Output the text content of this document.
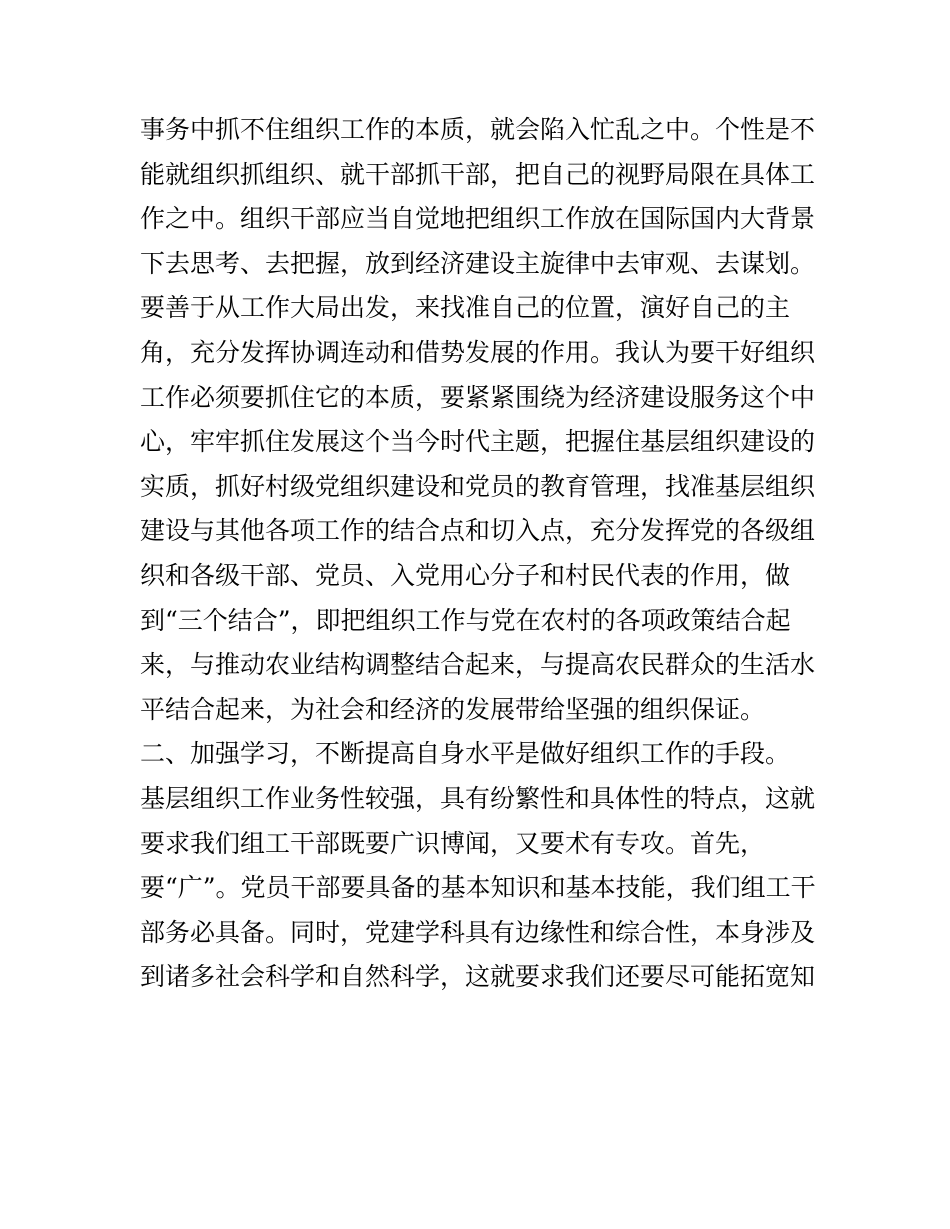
事务中抓不住组织工作的本质，就会陷入忙乱之中。个性是不
能就组织抓组织、就干部抓干部，把自己的视野局限在具体工
作之中。组织干部应当自觉地把组织工作放在国际国内大背景
下去思考、去把握，放到经济建设主旋律中去审观、去谋划。
要善于从工作大局出发，来找准自己的位置，演好自己的主
角，充分发挥协调连动和借势发展的作用。我认为要干好组织
工作必须要抓住它的本质，要紧紧围绕为经济建设服务这个中
心，牢牢抓住发展这个当今时代主题，把握住基层组织建设的
实质，抓好村级党组织建设和党员的教育管理，找准基层组织
建设与其他各项工作的结合点和切入点，充分发挥党的各级组
织和各级干部、党员、入党用心分子和村民代表的作用，做
到“三个结合”，即把组织工作与党在农村的各项政策结合起
来，与推动农业结构调整结合起来，与提高农民群众的生活水
平结合起来，为社会和经济的发展带给坚强的组织保证。
二、加强学习，不断提高自身水平是做好组织工作的手段。
基层组织工作业务性较强，具有纷繁性和具体性的特点，这就
要求我们组工干部既要广识博闻，又要术有专攻。首先，
要“广”。党员干部要具备的基本知识和基本技能，我们组工干
部务必具备。同时，党建学科具有边缘性和综合性，本身涉及
到诸多社会科学和自然科学，这就要求我们还要尽可能拓宽知
